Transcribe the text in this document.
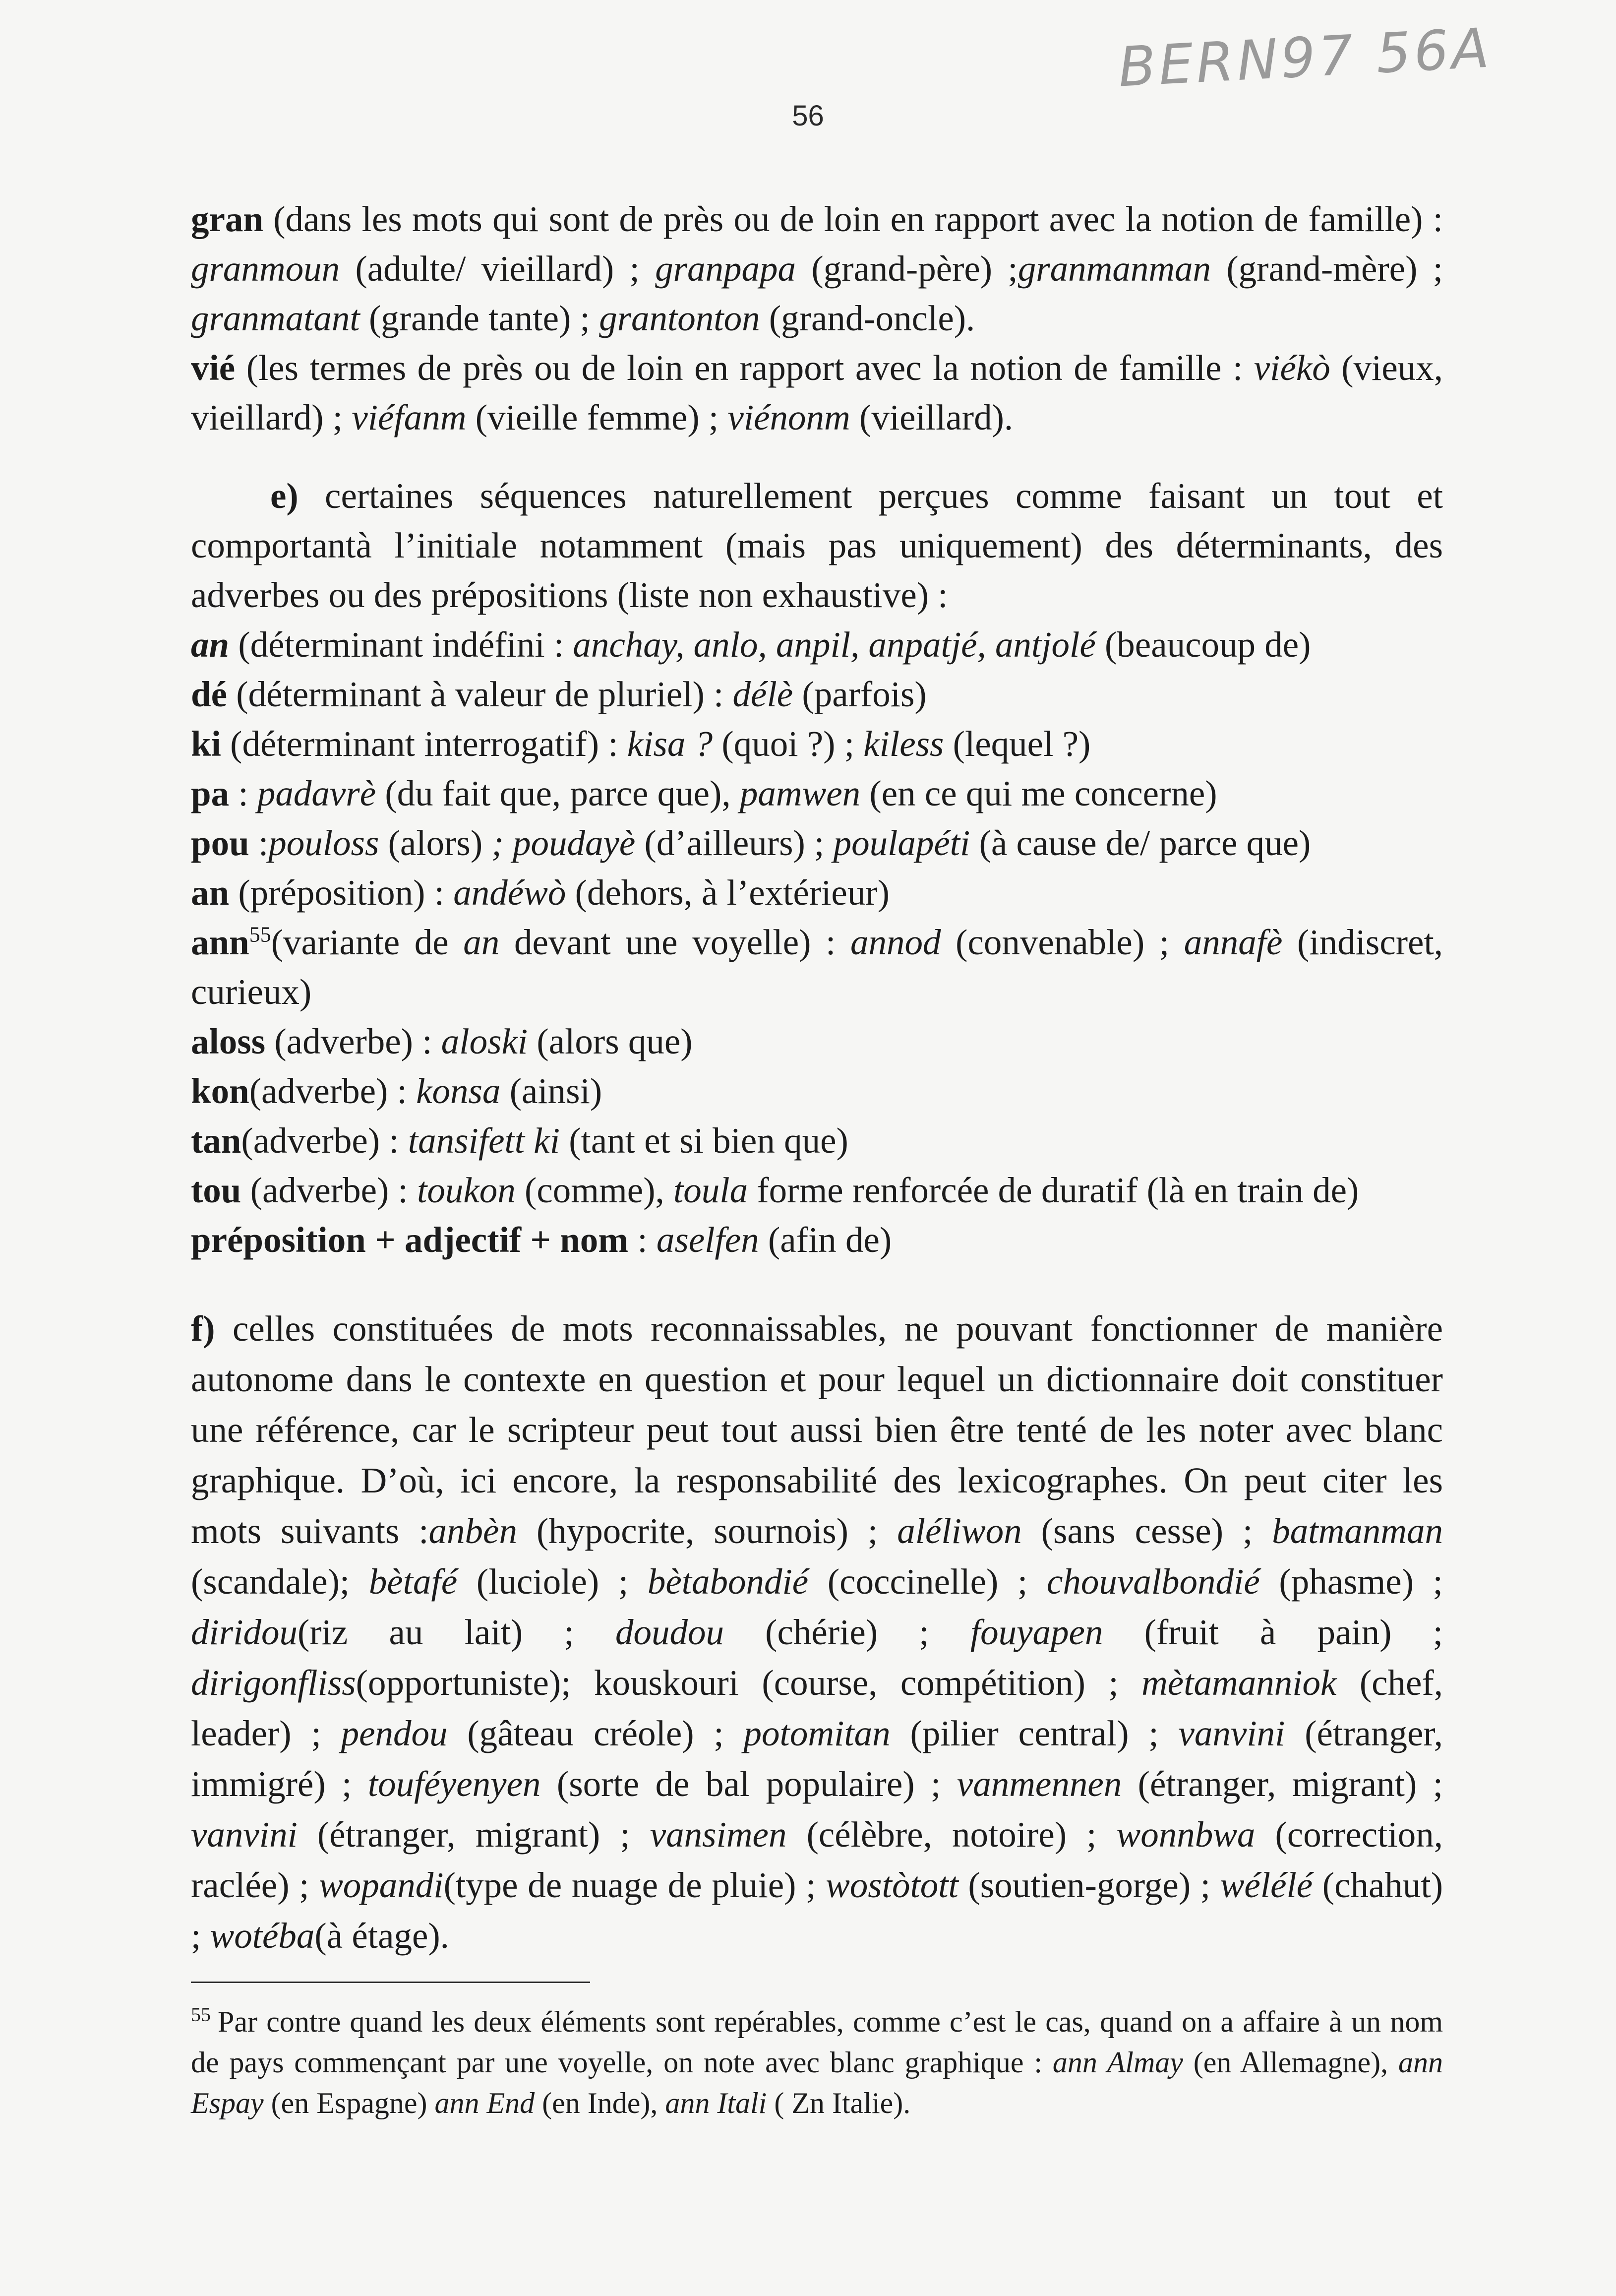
BERN97 56A
56

gran (dans les mots qui sont de près ou de loin en rapport avec la notion de famille) : granmoun (adulte/ vieillard) ; granpapa (grand-père) ;granmanman (grand-mère) ; granmatant (grande tante) ; grantonton (grand-oncle).

vié (les termes de près ou de loin en rapport avec la notion de famille : viékò (vieux, vieillard) ; viéfanm (vieille femme) ; viénonm (vieillard).

e) certaines séquences naturellement perçues comme faisant un tout et comportantà l’initiale notamment (mais pas uniquement) des déterminants, des adverbes ou des prépositions (liste non exhaustive) :

an (déterminant indéfini : anchay, anlo, anpil, anpatjé, antjolé (beaucoup de)

dé (déterminant à valeur de pluriel) : délè (parfois)

ki (déterminant interrogatif) : kisa ? (quoi ?) ; kiless (lequel ?)

pa : padavrè (du fait que, parce que), pamwen (en ce qui me concerne)

pou :pouloss (alors) ; poudayè (d’ailleurs) ; poulapéti (à cause de/ parce que)

an (préposition) : andéwò (dehors, à l’extérieur)

ann$^{55}$(variante de an devant une voyelle) : annod (convenable) ; annafè (indiscret, curieux)

aloss (adverbe) : aloski (alors que)

kon(adverbe) : konsa (ainsi)

tan(adverbe) : tansifett ki (tant et si bien que)

tou (adverbe) : toukon (comme), toula forme renforcée de duratif (là en train de)

préposition + adjectif + nom : aselfen (afin de)

f) celles constituées de mots reconnaissables, ne pouvant fonctionner de manière autonome dans le contexte en question et pour lequel un dictionnaire doit constituer une référence, car le scripteur peut tout aussi bien être tenté de les noter avec blanc graphique. D’où, ici encore, la responsabilité des lexicographes. On peut citer les mots suivants :anbèn (hypocrite, sournois) ; aléliwon (sans cesse) ; batmanman (scandale); bètafé (luciole) ; bètabondié (coccinelle) ; chouvalbondié (phasme) ; diridou(riz au lait) ; doudou (chérie) ; fouyapen (fruit à pain) ; dirigonfliss(opportuniste); kouskouri (course, compétition) ; mètamanniok (chef, leader) ; pendou (gâteau créole) ; potomitan (pilier central) ; vanvini (étranger, immigré) ; touféyenyen (sorte de bal populaire) ; vanmennen (étranger, migrant) ; vanvini (étranger, migrant) ; vansimen (célèbre, notoire) ; wonnbwa (correction, raclée) ; wopandi(type de nuage de pluie) ; wostòtott (soutien-gorge) ; wélélé (chahut) ; wotéba(à étage).

$^{55}$ Par contre quand les deux éléments sont repérables, comme c’est le cas, quand on a affaire à un nom de pays commençant par une voyelle, on note avec blanc graphique : ann Almay (en Allemagne), ann Espay (en Espagne) ann End (en Inde), ann Itali ( Zn Italie).
